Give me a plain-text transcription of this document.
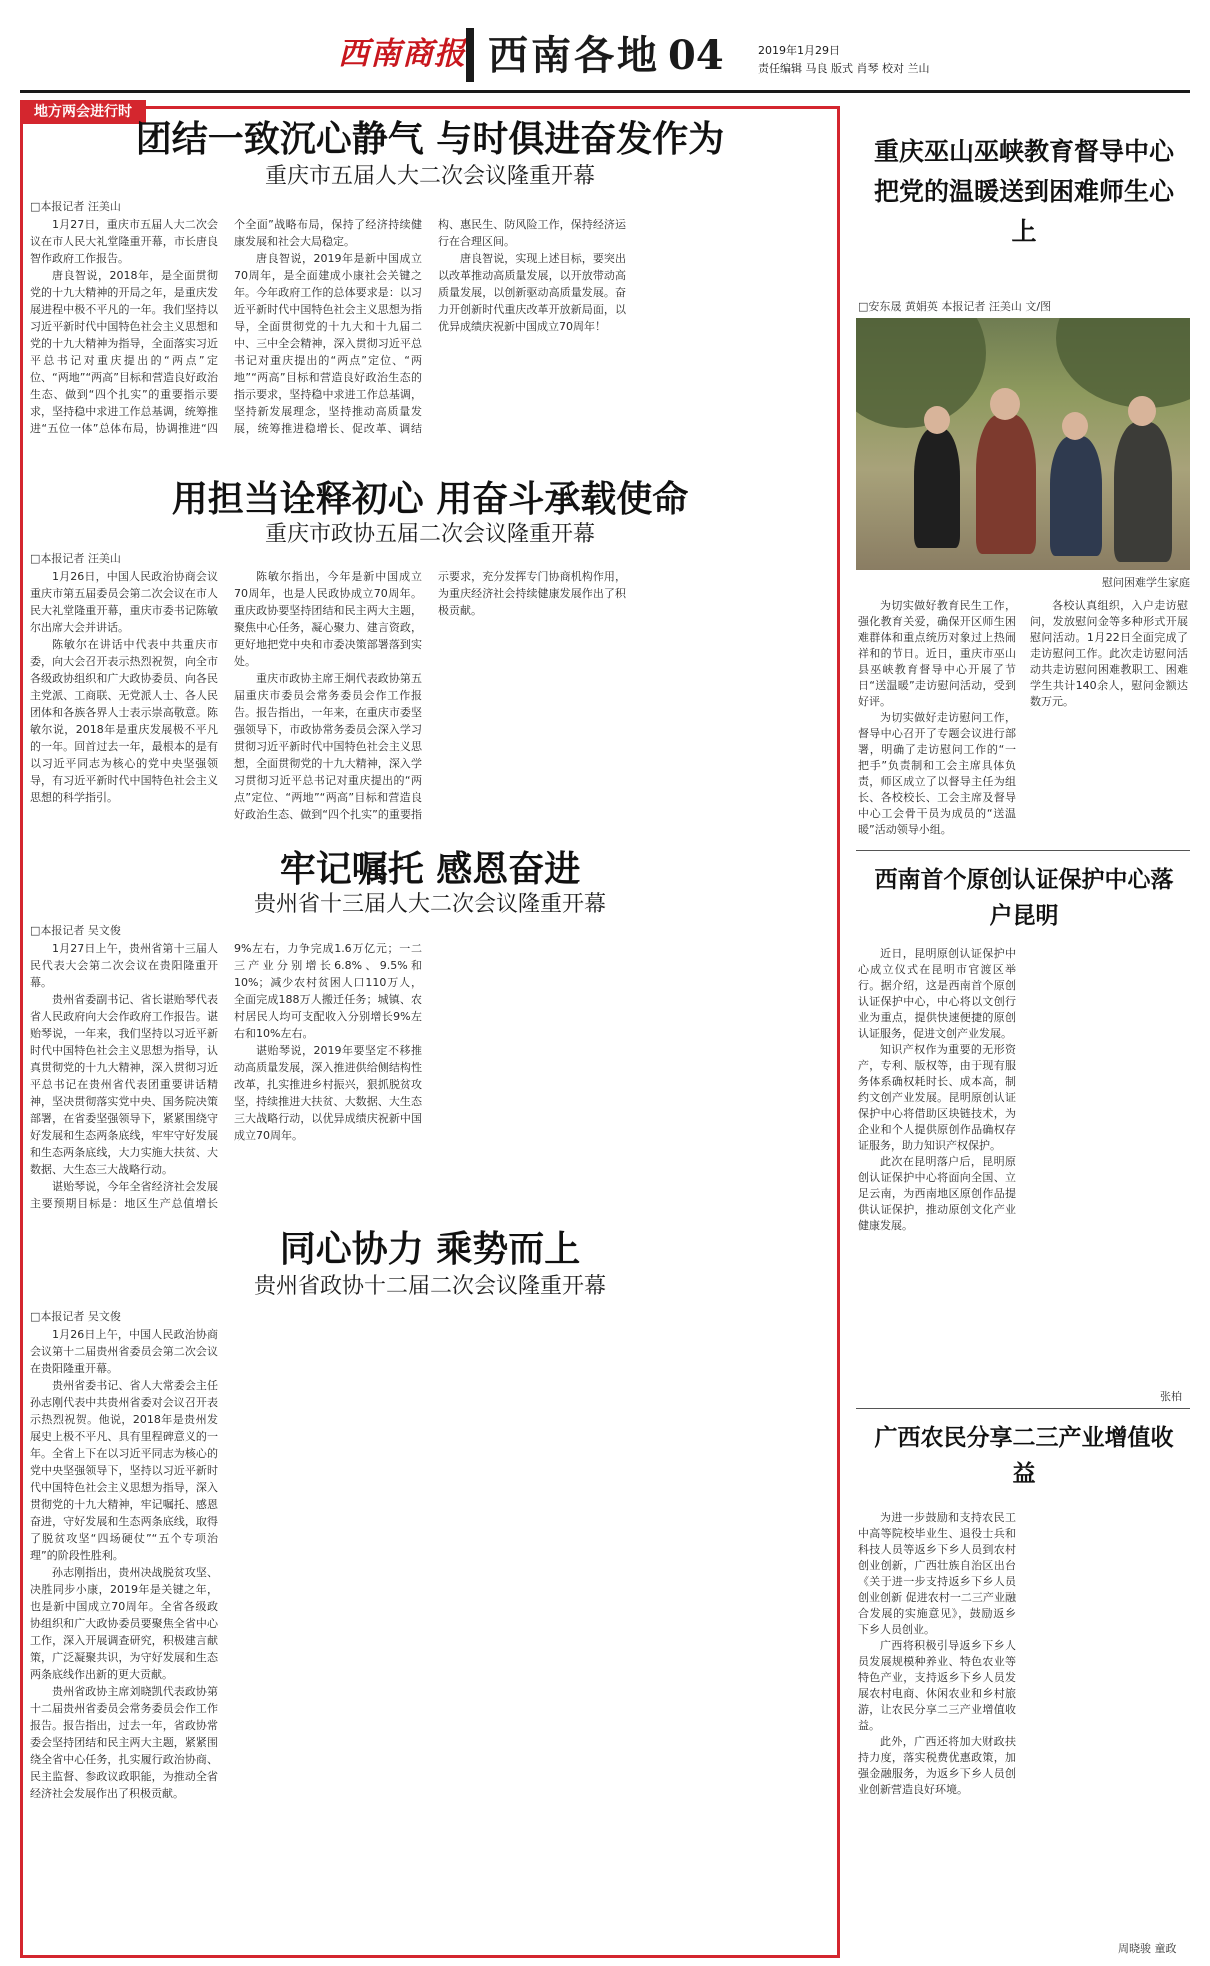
西南商报 西南各地 04	2019年1月29日
责任编辑 马良 版式 肖琴 校对 兰山
地方两会进行时
团结一致沉心静气 与时俱进奋发作为
重庆市五届人大二次会议隆重开幕
□本报记者 汪美山

1月27日，重庆市五届人大二次会议在市人民大礼堂隆重开幕，市长唐良智作政府工作报告。

唐良智说，2018年，是全面贯彻党的十九大精神的开局之年，是重庆发展进程中极不平凡的一年。我们坚持以习近平新时代中国特色社会主义思想和党的十九大精神为指导，全面落实习近平总书记对重庆提出的“两点”定位、“两地”“两高”目标和营造良好政治生态、做到“四个扎实”的重要指示要求，坚持稳中求进工作总基调，统筹推进“五位一体”总体布局，协调推进“四个全面”战略布局，保持了经济持续健康发展和社会大局稳定。

唐良智说，2019年是新中国成立70周年，是全面建成小康社会关键之年。今年政府工作的总体要求是：以习近平新时代中国特色社会主义思想为指导，全面贯彻党的十九大和十九届二中、三中全会精神，深入贯彻习近平总书记对重庆提出的“两点”定位、“两地”“两高”目标和营造良好政治生态的指示要求，坚持稳中求进工作总基调，坚持新发展理念，坚持推动高质量发展，统筹推进稳增长、促改革、调结构、惠民生、防风险工作，保持经济运行在合理区间。

唐良智说，实现上述目标，要突出以改革推动高质量发展，以开放带动高质量发展，以创新驱动高质量发展。奋力开创新时代重庆改革开放新局面，以优异成绩庆祝新中国成立70周年！

用担当诠释初心 用奋斗承载使命
重庆市政协五届二次会议隆重开幕
□本报记者 汪美山

1月26日，中国人民政治协商会议重庆市第五届委员会第二次会议在市人民大礼堂隆重开幕，重庆市委书记陈敏尔出席大会并讲话。

陈敏尔在讲话中代表中共重庆市委，向大会召开表示热烈祝贺，向全市各级政协组织和广大政协委员、向各民主党派、工商联、无党派人士、各人民团体和各族各界人士表示崇高敬意。陈敏尔说，2018年是重庆发展极不平凡的一年。回首过去一年，最根本的是有以习近平同志为核心的党中央坚强领导，有习近平新时代中国特色社会主义思想的科学指引。

陈敏尔指出，今年是新中国成立70周年，也是人民政协成立70周年。重庆政协要坚持团结和民主两大主题，聚焦中心任务，凝心聚力、建言资政，更好地把党中央和市委决策部署落到实处。

重庆市政协主席王炯代表政协第五届重庆市委员会常务委员会作工作报告。报告指出，一年来，在重庆市委坚强领导下，市政协常务委员会深入学习贯彻习近平新时代中国特色社会主义思想，全面贯彻党的十九大精神，深入学习贯彻习近平总书记对重庆提出的“两点”定位、“两地”“两高”目标和营造良好政治生态、做到“四个扎实”的重要指示要求，充分发挥专门协商机构作用，为重庆经济社会持续健康发展作出了积极贡献。

牢记嘱托 感恩奋进
贵州省十三届人大二次会议隆重开幕
□本报记者 吴文俊

1月27日上午，贵州省第十三届人民代表大会第二次会议在贵阳隆重开幕。

贵州省委副书记、省长谌贻琴代表省人民政府向大会作政府工作报告。谌贻琴说，一年来，我们坚持以习近平新时代中国特色社会主义思想为指导，认真贯彻党的十九大精神，深入贯彻习近平总书记在贵州省代表团重要讲话精神，坚决贯彻落实党中央、国务院决策部署，在省委坚强领导下，紧紧围绕守好发展和生态两条底线，牢牢守好发展和生态两条底线，大力实施大扶贫、大数据、大生态三大战略行动。

谌贻琴说，今年全省经济社会发展主要预期目标是：地区生产总值增长9%左右，力争完成1.6万亿元；一二三产业分别增长6.8%、9.5%和10%；减少农村贫困人口110万人，全面完成188万人搬迁任务；城镇、农村居民人均可支配收入分别增长9%左右和10%左右。

谌贻琴说，2019年要坚定不移推动高质量发展，深入推进供给侧结构性改革，扎实推进乡村振兴，狠抓脱贫攻坚，持续推进大扶贫、大数据、大生态三大战略行动，以优异成绩庆祝新中国成立70周年。

同心协力 乘势而上
贵州省政协十二届二次会议隆重开幕
□本报记者 吴文俊

1月26日上午，中国人民政治协商会议第十二届贵州省委员会第二次会议在贵阳隆重开幕。

贵州省委书记、省人大常委会主任孙志刚代表中共贵州省委对会议召开表示热烈祝贺。他说，2018年是贵州发展史上极不平凡、具有里程碑意义的一年。全省上下在以习近平同志为核心的党中央坚强领导下，坚持以习近平新时代中国特色社会主义思想为指导，深入贯彻党的十九大精神，牢记嘱托、感恩奋进，守好发展和生态两条底线，取得了脱贫攻坚“四场硬仗”“五个专项治理”的阶段性胜利。

孙志刚指出，贵州决战脱贫攻坚、决胜同步小康，2019年是关键之年，也是新中国成立70周年。全省各级政协组织和广大政协委员要聚焦全省中心工作，深入开展调查研究，积极建言献策，广泛凝聚共识，为守好发展和生态两条底线作出新的更大贡献。

贵州省政协主席刘晓凯代表政协第十二届贵州省委员会常务委员会作工作报告。报告指出，过去一年，省政协常委会坚持团结和民主两大主题，紧紧围绕全省中心任务，扎实履行政治协商、民主监督、参政议政职能，为推动全省经济社会发展作出了积极贡献。

重庆巫山巫峡教育督导中心把党的温暖送到困难师生心上
□安东晟 黄娟英 本报记者 汪美山 文/图
慰问困难学生家庭

为切实做好教育民生工作，强化教育关爱，确保开区师生困难群体和重点统历对象过上热闹祥和的节日。近日，重庆市巫山县巫峡教育督导中心开展了节日“送温暖”走访慰问活动，受到好评。

为切实做好走访慰问工作，督导中心召开了专题会议进行部署，明确了走访慰问工作的“一把手”负责制和工会主席具体负责，师区成立了以督导主任为组长、各校校长、工会主席及督导中心工会骨干员为成员的“送温暖”活动领导小组。

各校认真组织，入户走访慰问，发放慰问金等多种形式开展慰问活动。1月22日全面完成了走访慰问工作。此次走访慰问活动共走访慰问困难教职工、困难学生共计140余人，慰问金额达数万元。

西南首个原创认证保护中心落户昆明

近日，昆明原创认证保护中心成立仪式在昆明市官渡区举行。据介绍，这是西南首个原创认证保护中心，中心将以文创行业为重点，提供快速便捷的原创认证服务，促进文创产业发展。

知识产权作为重要的无形资产，专利、版权等，由于现有服务体系确权耗时长、成本高，制约文创产业发展。昆明原创认证保护中心将借助区块链技术，为企业和个人提供原创作品确权存证服务，助力知识产权保护。

此次在昆明落户后，昆明原创认证保护中心将面向全国、立足云南，为西南地区原创作品提供认证保护，推动原创文化产业健康发展。

张柏
广西农民分享二三产业增值收益

为进一步鼓励和支持农民工中高等院校毕业生、退役士兵和科技人员等返乡下乡人员到农村创业创新，广西壮族自治区出台《关于进一步支持返乡下乡人员创业创新 促进农村一二三产业融合发展的实施意见》，鼓励返乡下乡人员创业。

广西将积极引导返乡下乡人员发展规模种养业、特色农业等特色产业，支持返乡下乡人员发展农村电商、休闲农业和乡村旅游，让农民分享二三产业增值收益。

此外，广西还将加大财政扶持力度，落实税费优惠政策，加强金融服务，为返乡下乡人员创业创新营造良好环境。

周晓骏 童政
